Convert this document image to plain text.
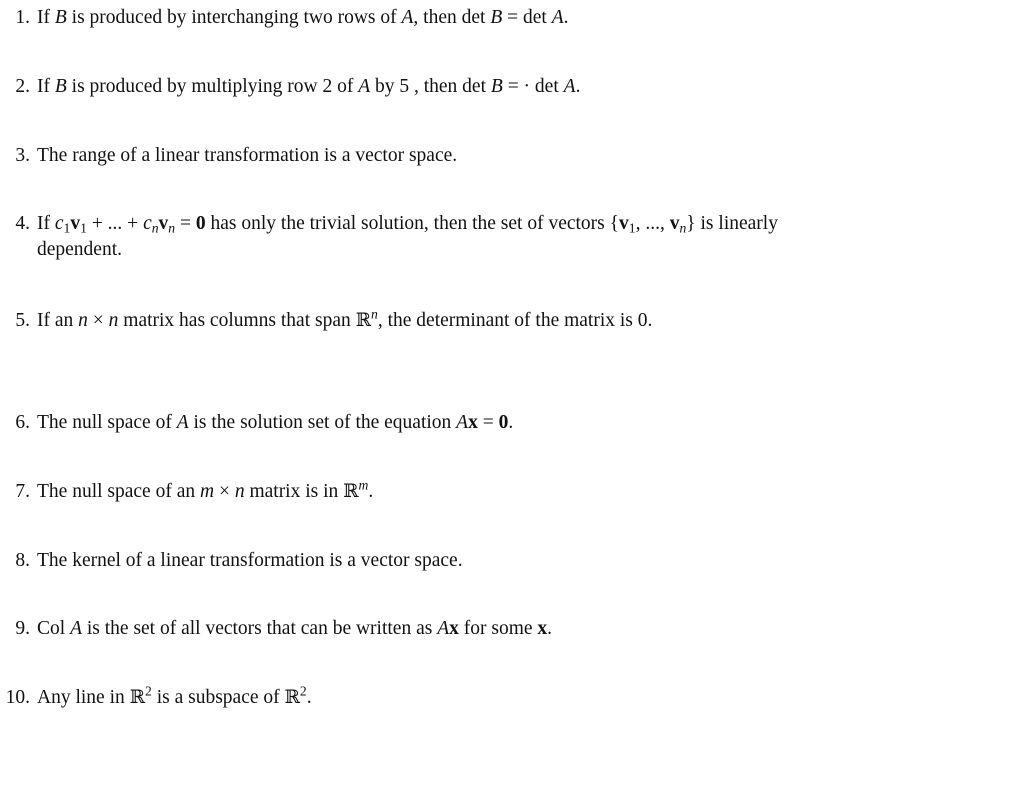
1. If B is produced by interchanging two rows of A, then det B = det A.
2. If B is produced by multiplying row 2 of A by 5 , then det B = · det A.
3. The range of a linear transformation is a vector space.
4. If $c_1v_1$ + ... + $c_nv_n = 0$ has only the trivial solution, then the set of vectors {$v_1$, ..., $v_n$} is linearly
dependent.
5. If an n × n matrix has columns that span ℝ$^n$, the determinant of the matrix is 0.
6. The null space of A is the solution set of the equation Ax = 0.
7. The null space of an m × n matrix is in ℝ$^m$.
8. The kernel of a linear transformation is a vector space.
9. Col A is the set of all vectors that can be written as Ax for some x.
10. Any line in ℝ$^2$ is a subspace of ℝ$^2$.
